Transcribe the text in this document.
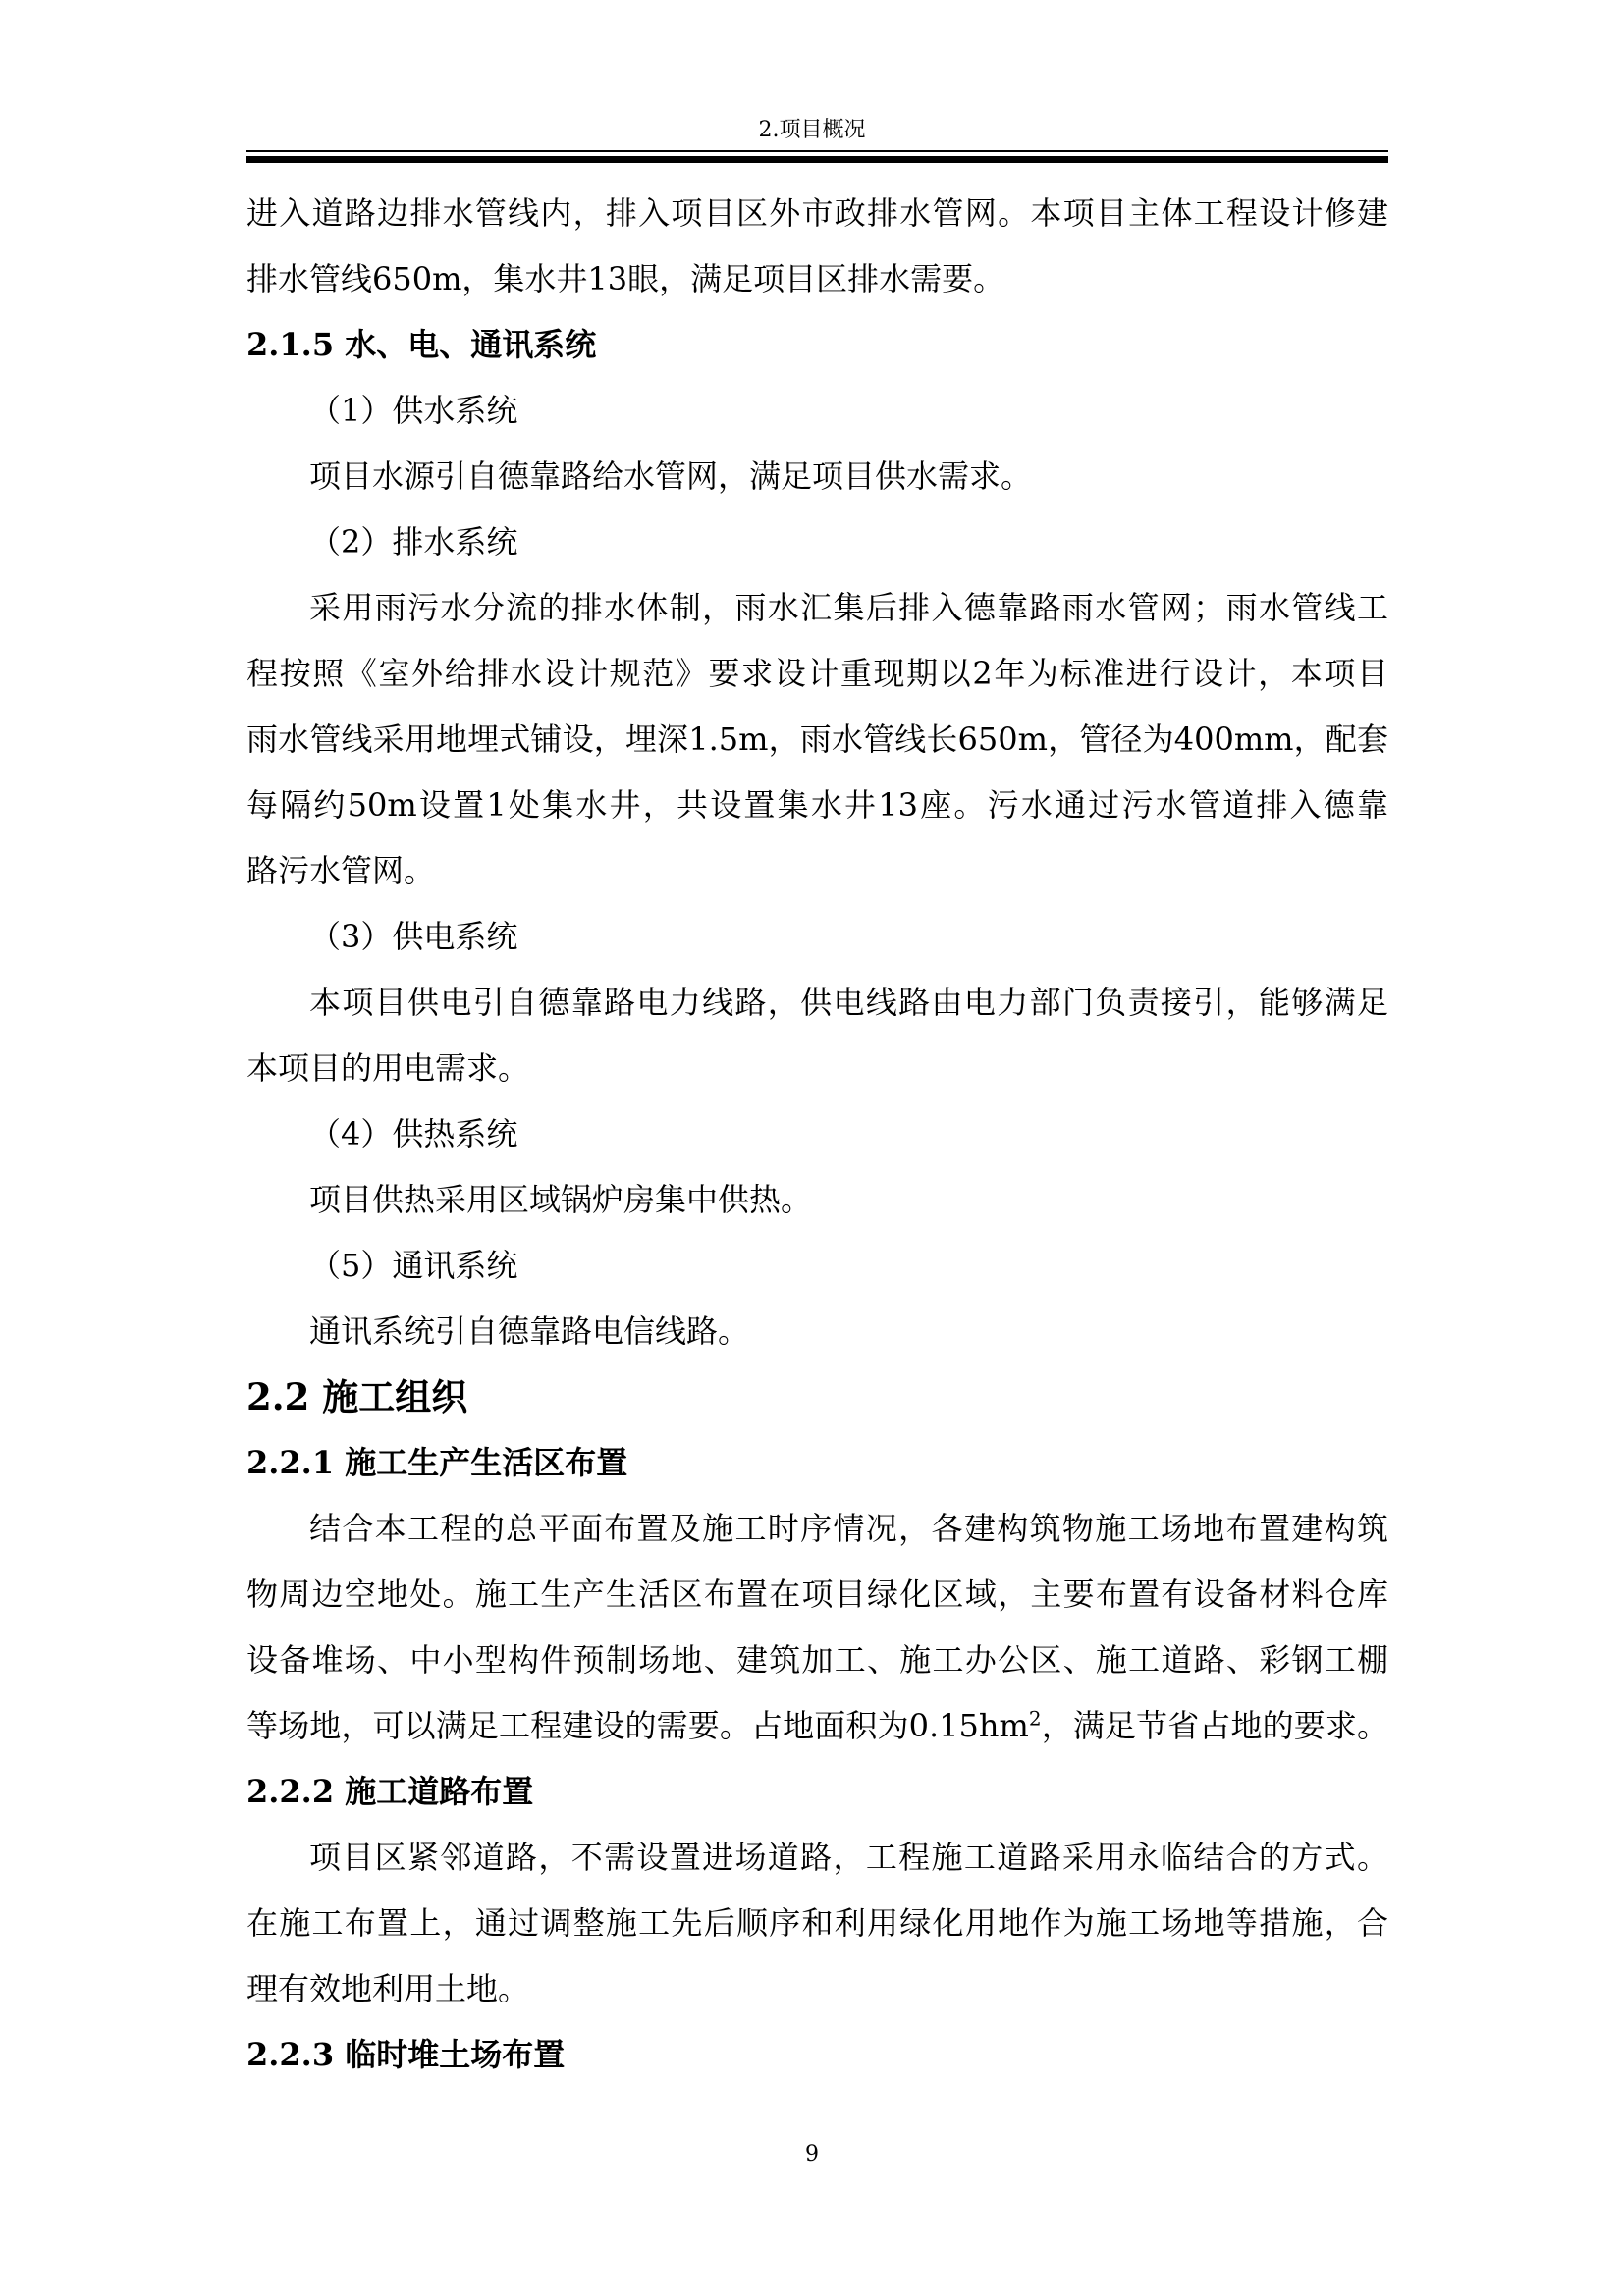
2.项目概况
进入道路边排水管线内，排入项目区外市政排水管网。本项目主体工程设计修建
排水管线650m，集水井13眼，满足项目区排水需要。
2.1.5 水、电、通讯系统
（1）供水系统
项目水源引自德靠路给水管网，满足项目供水需求。
（2）排水系统
采用雨污水分流的排水体制，雨水汇集后排入德靠路雨水管网；雨水管线工
程按照《室外给排水设计规范》要求设计重现期以2年为标准进行设计，本项目
雨水管线采用地埋式铺设，埋深1.5m，雨水管线长650m，管径为400mm，配套
每隔约50m设置1处集水井，共设置集水井13座。污水通过污水管道排入德靠
路污水管网。
（3）供电系统
本项目供电引自德靠路电力线路，供电线路由电力部门负责接引，能够满足
本项目的用电需求。
（4）供热系统
项目供热采用区域锅炉房集中供热。
（5）通讯系统
通讯系统引自德靠路电信线路。
2.2 施工组织
2.2.1 施工生产生活区布置
结合本工程的总平面布置及施工时序情况，各建构筑物施工场地布置建构筑
物周边空地处。施工生产生活区布置在项目绿化区域，主要布置有设备材料仓库
设备堆场、中小型构件预制场地、建筑加工、施工办公区、施工道路、彩钢工棚
等场地，可以满足工程建设的需要。占地面积为$0.15hm^2$，满足节省占地的要求。
2.2.2 施工道路布置
项目区紧邻道路，不需设置进场道路，工程施工道路采用永临结合的方式。
在施工布置上，通过调整施工先后顺序和利用绿化用地作为施工场地等措施，合
理有效地利用土地。
2.2.3 临时堆土场布置
9
